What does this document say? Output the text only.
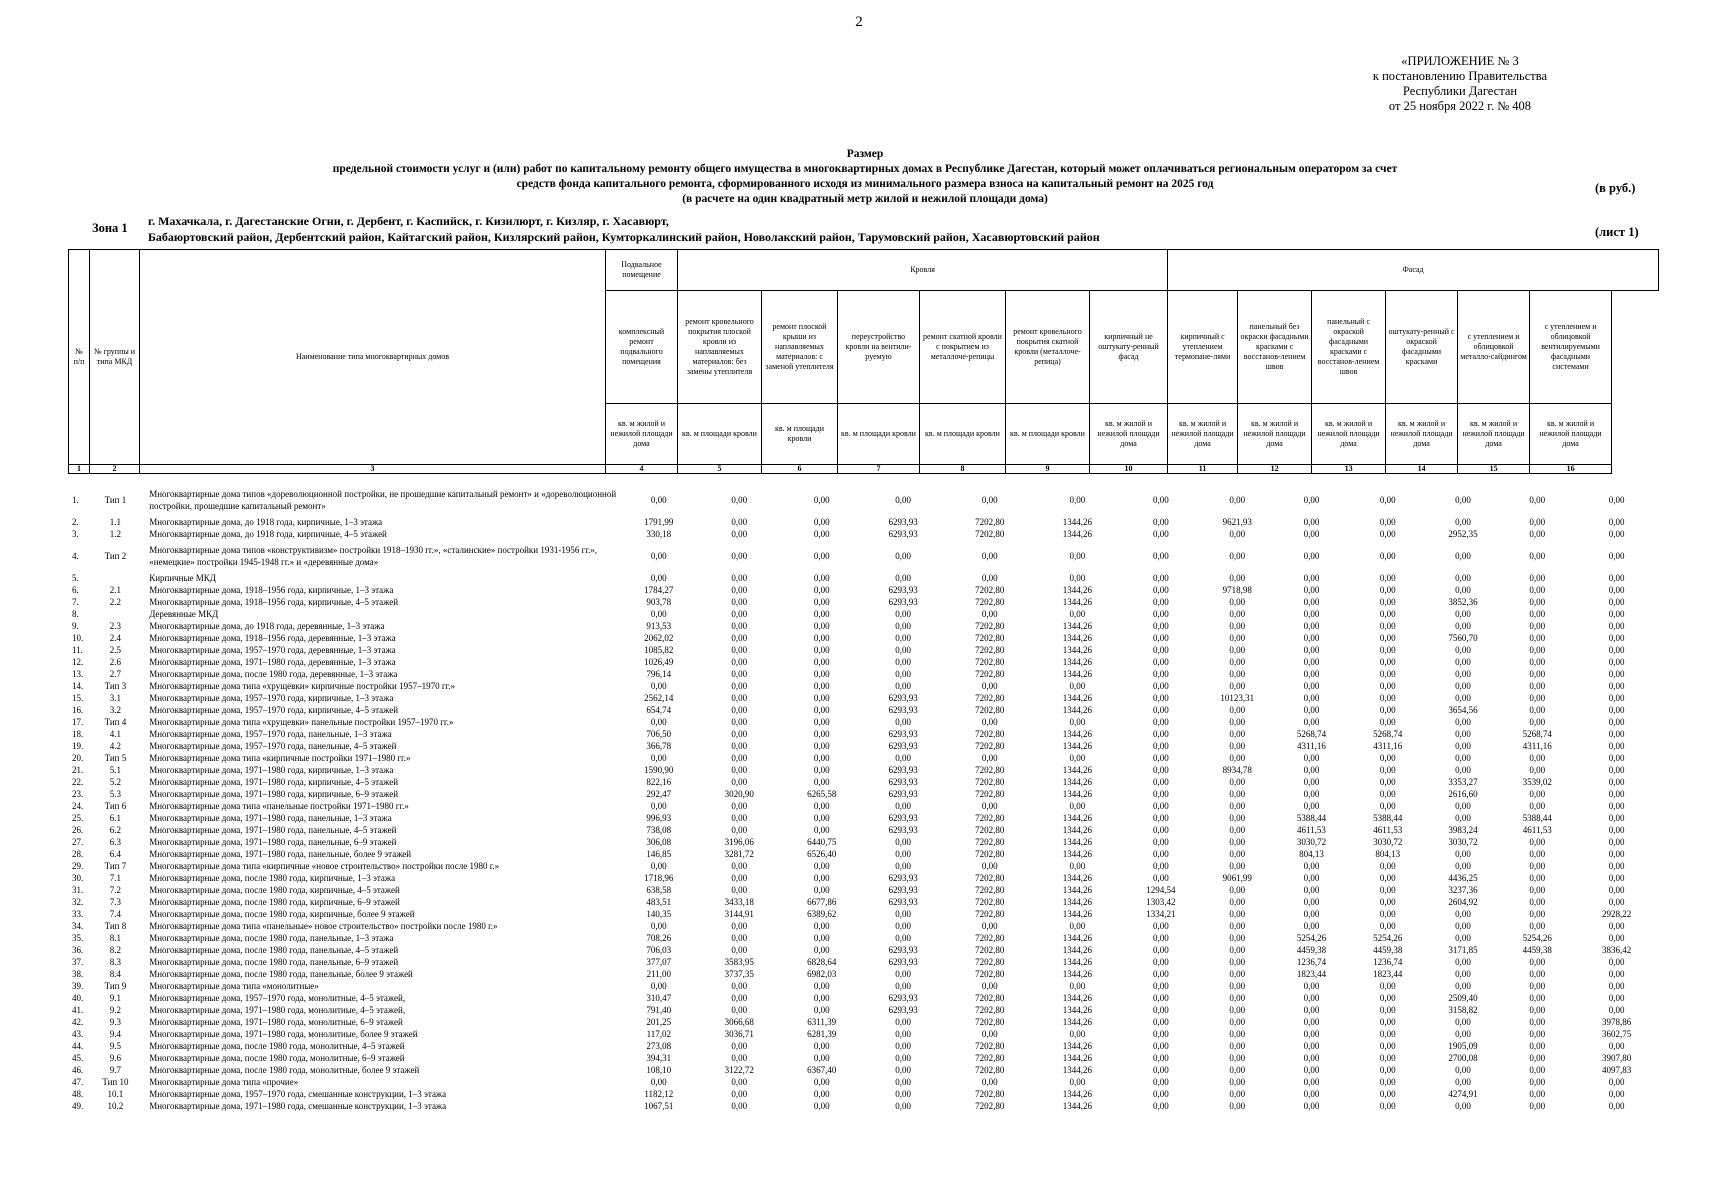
2
«ПРИЛОЖЕНИЕ № 3
к постановлению Правительства
Республики Дагестан
от 25 ноября 2022 г. № 408
Размер
предельной стоимости услуг и (или) работ по капитальному ремонту общего имущества в многоквартирных домах в Республике Дагестан, который может оплачиваться региональным оператором за счет
средств фонда капитального ремонта, сформированного исходя из минимального размера взноса на капитальный ремонт на 2025 год
(в расчете на один квадратный метр жилой и нежилой площади дома)
(в руб.)
Зона 1 г. Махачкала, г. Дагестанские Огни, г. Дербент, г. Каспийск, г. Кизилюрт, г. Кизляр, г. Хасавюрт,
Бабаюртовский район, Дербентский район, Кайтагский район, Кизлярский район, Кумторкалинский район, Новолакский район, Тарумовский район, Хасавюртовский район	(лист 1)
№ п/п	№ группы и типа МКД	Наименование типа многоквартирных домов	Подвальное помещение	Кровля						Фасад					
			комплексный ремонт подвального помещения	ремонт кровельного покрытия плоской кровли из наплавляемых материалов: без замены утеплителя	ремонт плоской крыши из наплавляемых материалов: с заменой утеплителя	переустройство кровли на вентили-руемую	ремонт скатной кровли с покрытием из металлоче-репицы	ремонт кровельного покрытия скатной кровли (металлоче-репица)	кирпичный не оштукату-ренный фасад	кирпичный с утеплением термопане-лями	панельный без окраски фасадными красками с восстанов-лением швов	панельный с окраской фасадными красками с восстанов-лением швов	оштукату-ренный с окраской фасадными красками	с утеплением и облицовкой металло-сайдингом	с утеплением и облицовкой вентилируемыми фасадными системами
			кв. м жилой и нежилой площади дома	кв. м площади кровли	кв. м площади кровли	кв. м площади кровли	кв. м площади кровли	кв. м площади кровли	кв. м жилой и нежилой площади дома	кв. м жилой и нежилой площади дома	кв. м жилой и нежилой площади дома	кв. м жилой и нежилой площади дома	кв. м жилой и нежилой площади дома	кв. м жилой и нежилой площади дома	кв. м жилой и нежилой площади дома
1	2	3	4	5	6	7	8	9	10	11	12	13	14	15	16
1.	Тип 1	Многоквартирные дома типов «дореволюционной постройки, не прошедшие капитальный ремонт» и «дореволюционной постройки, прошедшие капитальный ремонт»	0,00	0,00	0,00	0,00	0,00	0,00	0,00	0,00	0,00	0,00	0,00	0,00	0,00
2.	1.1	Многоквартирные дома, до 1918 года, кирпичные, 1–3 этажа	1791,99	0,00	0,00	6293,93	7202,80	1344,26	0,00	9621,93	0,00	0,00	0,00	0,00	0,00
3.	1.2	Многоквартирные дома, до 1918 года, кирпичные, 4–5 этажей	330,18	0,00	0,00	6293,93	7202,80	1344,26	0,00	0,00	0,00	0,00	2952,35	0,00	0,00
4.	Тип 2	Многоквартирные дома типов «конструктивизм» постройки 1918–1930 гг.», «сталинские» постройки 1931-1956 гг.», «немецкие» постройки 1945-1948 гг.» и «деревянные дома»	0,00	0,00	0,00	0,00	0,00	0,00	0,00	0,00	0,00	0,00	0,00	0,00	0,00
5.		Кирпичные МКД	0,00	0,00	0,00	0,00	0,00	0,00	0,00	0,00	0,00	0,00	0,00	0,00	0,00
6.	2.1	Многоквартирные дома, 1918–1956 года, кирпичные, 1–3 этажа	1784,27	0,00	0,00	6293,93	7202,80	1344,26	0,00	9718,98	0,00	0,00	0,00	0,00	0,00
7.	2.2	Многоквартирные дома, 1918–1956 года, кирпичные, 4–5 этажей	903,78	0,00	0,00	6293,93	7202,80	1344,26	0,00	0,00	0,00	0,00	3852,36	0,00	0,00
8.		Деревянные МКД	0,00	0,00	0,00	0,00	0,00	0,00	0,00	0,00	0,00	0,00	0,00	0,00	0,00
9.	2.3	Многоквартирные дома, до 1918 года, деревянные, 1–3 этажа	913,53	0,00	0,00	0,00	7202,80	1344,26	0,00	0,00	0,00	0,00	0,00	0,00	0,00
10.	2.4	Многоквартирные дома, 1918–1956 года, деревянные, 1–3 этажа	2062,02	0,00	0,00	0,00	7202,80	1344,26	0,00	0,00	0,00	0,00	7560,70	0,00	0,00
11.	2.5	Многоквартирные дома, 1957–1970 года, деревянные, 1–3 этажа	1085,82	0,00	0,00	0,00	7202,80	1344,26	0,00	0,00	0,00	0,00	0,00	0,00	0,00
12.	2.6	Многоквартирные дома, 1971–1980 года, деревянные, 1–3 этажа	1026,49	0,00	0,00	0,00	7202,80	1344,26	0,00	0,00	0,00	0,00	0,00	0,00	0,00
13.	2.7	Многоквартирные дома, после 1980 года, деревянные, 1–3 этажа	796,14	0,00	0,00	0,00	7202,80	1344,26	0,00	0,00	0,00	0,00	0,00	0,00	0,00
14.	Тип 3	Многоквартирные дома типа «хрущевки» кирпичные постройки 1957–1970 гг.»	0,00	0,00	0,00	0,00	0,00	0,00	0,00	0,00	0,00	0,00	0,00	0,00	0,00
15.	3.1	Многоквартирные дома, 1957–1970 года, кирпичные, 1–3 этажа	2562,14	0,00	0,00	6293,93	7202,80	1344,26	0,00	10123,31	0,00	0,00	0,00	0,00	0,00
16.	3.2	Многоквартирные дома, 1957–1970 года, кирпичные, 4–5 этажей	654,74	0,00	0,00	6293,93	7202,80	1344,26	0,00	0,00	0,00	0,00	3654,56	0,00	0,00
17.	Тип 4	Многоквартирные дома типа «хрущевки» панельные постройки 1957–1970 гг.»	0,00	0,00	0,00	0,00	0,00	0,00	0,00	0,00	0,00	0,00	0,00	0,00	0,00
18.	4.1	Многоквартирные дома, 1957–1970 года, панельные, 1–3 этажа	706,50	0,00	0,00	6293,93	7202,80	1344,26	0,00	0,00	5268,74	5268,74	0,00	5268,74	0,00
19.	4.2	Многоквартирные дома, 1957–1970 года, панельные, 4–5 этажей	366,78	0,00	0,00	6293,93	7202,80	1344,26	0,00	0,00	4311,16	4311,16	0,00	4311,16	0,00
20.	Тип 5	Многоквартирные дома типа «кирпичные постройки 1971–1980 гг.»	0,00	0,00	0,00	0,00	0,00	0,00	0,00	0,00	0,00	0,00	0,00	0,00	0,00
21.	5.1	Многоквартирные дома, 1971–1980 года, кирпичные, 1–3 этажа	1590,90	0,00	0,00	6293,93	7202,80	1344,26	0,00	8934,78	0,00	0,00	0,00	0,00	0,00
22.	5.2	Многоквартирные дома, 1971–1980 года, кирпичные, 4–5 этажей	822,16	0,00	0,00	6293,93	7202,80	1344,26	0,00	0,00	0,00	0,00	3353,27	3539,02	0,00
23.	5.3	Многоквартирные дома, 1971–1980 года, кирпичные, 6–9 этажей	292,47	3020,90	6265,58	6293,93	7202,80	1344,26	0,00	0,00	0,00	0,00	2616,60	0,00	0,00
24.	Тип 6	Многоквартирные дома типа «панельные постройки 1971–1980 гг.»	0,00	0,00	0,00	0,00	0,00	0,00	0,00	0,00	0,00	0,00	0,00	0,00	0,00
25.	6.1	Многоквартирные дома, 1971–1980 года, панельные, 1–3 этажа	996,93	0,00	0,00	6293,93	7202,80	1344,26	0,00	0,00	5388,44	5388,44	0,00	5388,44	0,00
26.	6.2	Многоквартирные дома, 1971–1980 года, панельные, 4–5 этажей	738,08	0,00	0,00	6293,93	7202,80	1344,26	0,00	0,00	4611,53	4611,53	3983,24	4611,53	0,00
27.	6.3	Многоквартирные дома, 1971–1980 года, панельные, 6–9 этажей	306,08	3196,06	6440,75	0,00	7202,80	1344,26	0,00	0,00	3030,72	3030,72	3030,72	0,00	0,00
28.	6.4	Многоквартирные дома, 1971–1980 года, панельные, более 9 этажей	146,85	3281,72	6526,40	0,00	7202,80	1344,26	0,00	0,00	804,13	804,13	0,00	0,00	0,00
29.	Тип 7	Многоквартирные дома типа «кирпичные «новое строительство» постройки после 1980 г.»	0,00	0,00	0,00	0,00	0,00	0,00	0,00	0,00	0,00	0,00	0,00	0,00	0,00
30.	7.1	Многоквартирные дома, после 1980 года, кирпичные, 1–3 этажа	1718,96	0,00	0,00	6293,93	7202,80	1344,26	0,00	9061,99	0,00	0,00	4436,25	0,00	0,00
31.	7.2	Многоквартирные дома, после 1980 года, кирпичные, 4–5 этажей	638,58	0,00	0,00	6293,93	7202,80	1344,26	1294,54	0,00	0,00	0,00	3237,36	0,00	0,00
32.	7.3	Многоквартирные дома, после 1980 года, кирпичные, 6–9 этажей	483,51	3433,18	6677,86	6293,93	7202,80	1344,26	1303,42	0,00	0,00	0,00	2604,92	0,00	0,00
33.	7.4	Многоквартирные дома, после 1980 года, кирпичные, более 9 этажей	140,35	3144,91	6389,62	0,00	7202,80	1344,26	1334,21	0,00	0,00	0,00	0,00	0,00	2928,22
34.	Тип 8	Многоквартирные дома типа «панельные» новое строительство» постройки после 1980 г.»	0,00	0,00	0,00	0,00	0,00	0,00	0,00	0,00	0,00	0,00	0,00	0,00	0,00
35.	8.1	Многоквартирные дома, после 1980 года, панельные, 1–3 этажа	708,26	0,00	0,00	0,00	7202,80	1344,26	0,00	0,00	5254,26	5254,26	0,00	5254,26	0,00
36.	8.2	Многоквартирные дома, после 1980 года, панельные, 4–5 этажей	706,03	0,00	0,00	6293,93	7202,80	1344,26	0,00	0,00	4459,38	4459,38	3171,85	4459,38	3836,42
37.	8.3	Многоквартирные дома, после 1980 года, панельные, 6–9 этажей	377,07	3583,95	6828,64	6293,93	7202,80	1344,26	0,00	0,00	1236,74	1236,74	0,00	0,00	0,00
38.	8.4	Многоквартирные дома, после 1980 года, панельные, более 9 этажей	211,00	3737,35	6982,03	0,00	7202,80	1344,26	0,00	0,00	1823,44	1823,44	0,00	0,00	0,00
39.	Тип 9	Многоквартирные дома типа «монолитные»	0,00	0,00	0,00	0,00	0,00	0,00	0,00	0,00	0,00	0,00	0,00	0,00	0,00
40.	9.1	Многоквартирные дома, 1957–1970 года, монолитные, 4–5 этажей,	310,47	0,00	0,00	6293,93	7202,80	1344,26	0,00	0,00	0,00	0,00	2509,40	0,00	0,00
41.	9.2	Многоквартирные дома, 1971–1980 года, монолитные, 4–5 этажей,	791,40	0,00	0,00	6293,93	7202,80	1344,26	0,00	0,00	0,00	0,00	3158,82	0,00	0,00
42.	9.3	Многоквартирные дома, 1971–1980 года, монолитные, 6–9 этажей	201,25	3066,68	6311,39	0,00	7202,80	1344,26	0,00	0,00	0,00	0,00	0,00	0,00	3978,86
43.	9.4	Многоквартирные дома, 1971–1980 года, монолитные, более 9 этажей	117,02	3036,71	6281,39	0,00	0,00	0,00	0,00	0,00	0,00	0,00	0,00	0,00	3602,75
44.	9.5	Многоквартирные дома, после 1980 года, монолитные, 4–5 этажей	273,08	0,00	0,00	0,00	7202,80	1344,26	0,00	0,00	0,00	0,00	1905,09	0,00	0,00
45.	9.6	Многоквартирные дома, после 1980 года, монолитные, 6–9 этажей	394,31	0,00	0,00	0,00	7202,80	1344,26	0,00	0,00	0,00	0,00	2700,08	0,00	3907,80
46.	9.7	Многоквартирные дома, после 1980 года, монолитные, более 9 этажей	108,10	3122,72	6367,40	0,00	7202,80	1344,26	0,00	0,00	0,00	0,00	0,00	0,00	4097,83
47.	Тип 10	Многоквартирные дома типа «прочие»	0,00	0,00	0,00	0,00	0,00	0,00	0,00	0,00	0,00	0,00	0,00	0,00	0,00
48.	10.1	Многоквартирные дома, 1957–1970 года, смешанные конструкции, 1–3 этажа	1182,12	0,00	0,00	0,00	7202,80	1344,26	0,00	0,00	0,00	0,00	4274,91	0,00	0,00
49.	10.2	Многоквартирные дома, 1971–1980 года, смешанные конструкции, 1–3 этажа	1067,51	0,00	0,00	0,00	7202,80	1344,26	0,00	0,00	0,00	0,00	0,00	0,00	0,00
